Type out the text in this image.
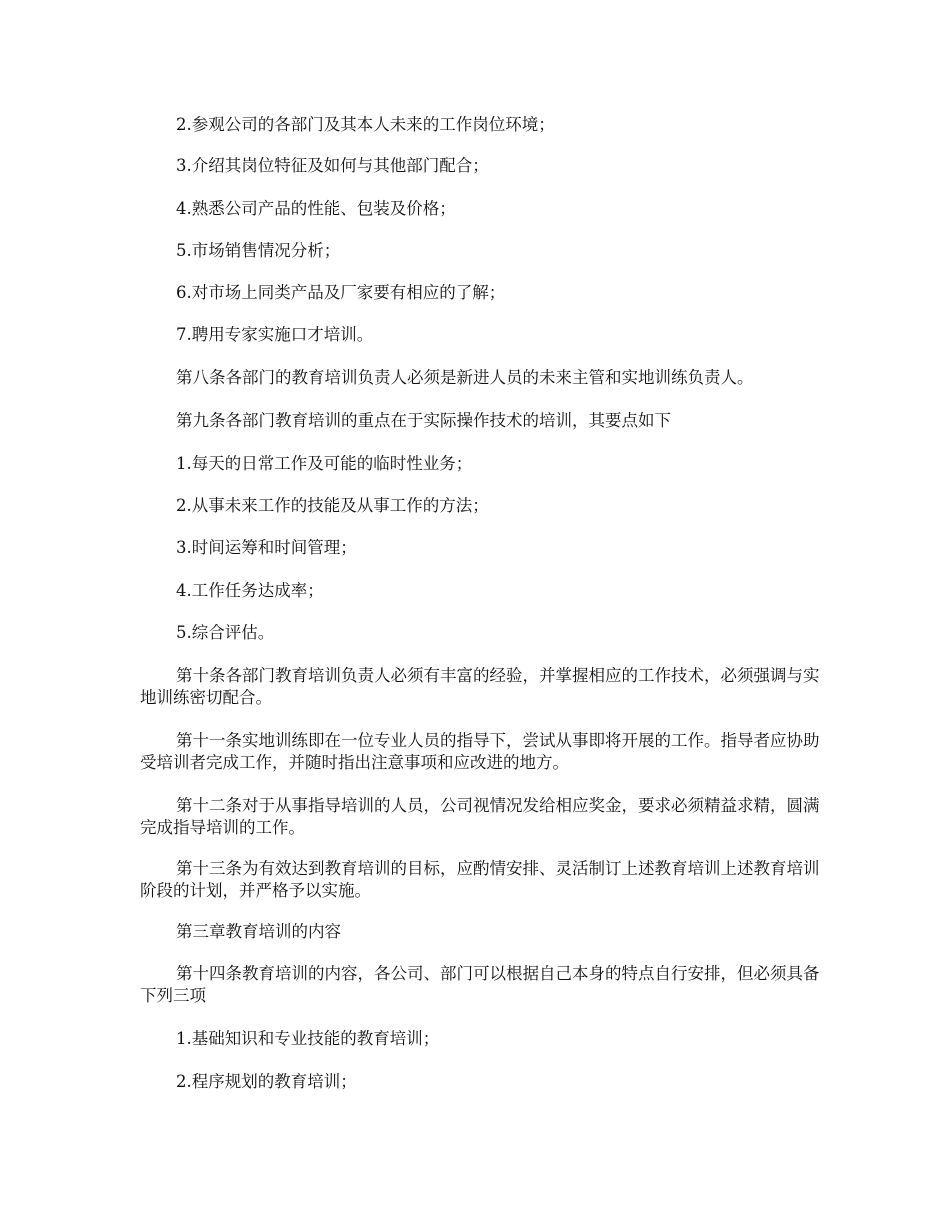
2.参观公司的各部门及其本人未来的工作岗位环境；

3.介绍其岗位特征及如何与其他部门配合；

4.熟悉公司产品的性能、包装及价格；

5.市场销售情况分析；

6.对市场上同类产品及厂家要有相应的了解；

7.聘用专家实施口才培训。

第八条各部门的教育培训负责人必须是新进人员的未来主管和实地训练负责人。

第九条各部门教育培训的重点在于实际操作技术的培训，其要点如下

1.每天的日常工作及可能的临时性业务；

2.从事未来工作的技能及从事工作的方法；

3.时间运筹和时间管理；

4.工作任务达成率；

5.综合评估。

第十条各部门教育培训负责人必须有丰富的经验，并掌握相应的工作技术，必须强调与实地训练密切配合。

第十一条实地训练即在一位专业人员的指导下，尝试从事即将开展的工作。指导者应协助受培训者完成工作，并随时指出注意事项和应改进的地方。

第十二条对于从事指导培训的人员，公司视情况发给相应奖金，要求必须精益求精，圆满完成指导培训的工作。

第十三条为有效达到教育培训的目标，应酌情安排、灵活制订上述教育培训上述教育培训阶段的计划，并严格予以实施。

第三章教育培训的内容

第十四条教育培训的内容，各公司、部门可以根据自己本身的特点自行安排，但必须具备下列三项

1.基础知识和专业技能的教育培训；

2.程序规划的教育培训；
